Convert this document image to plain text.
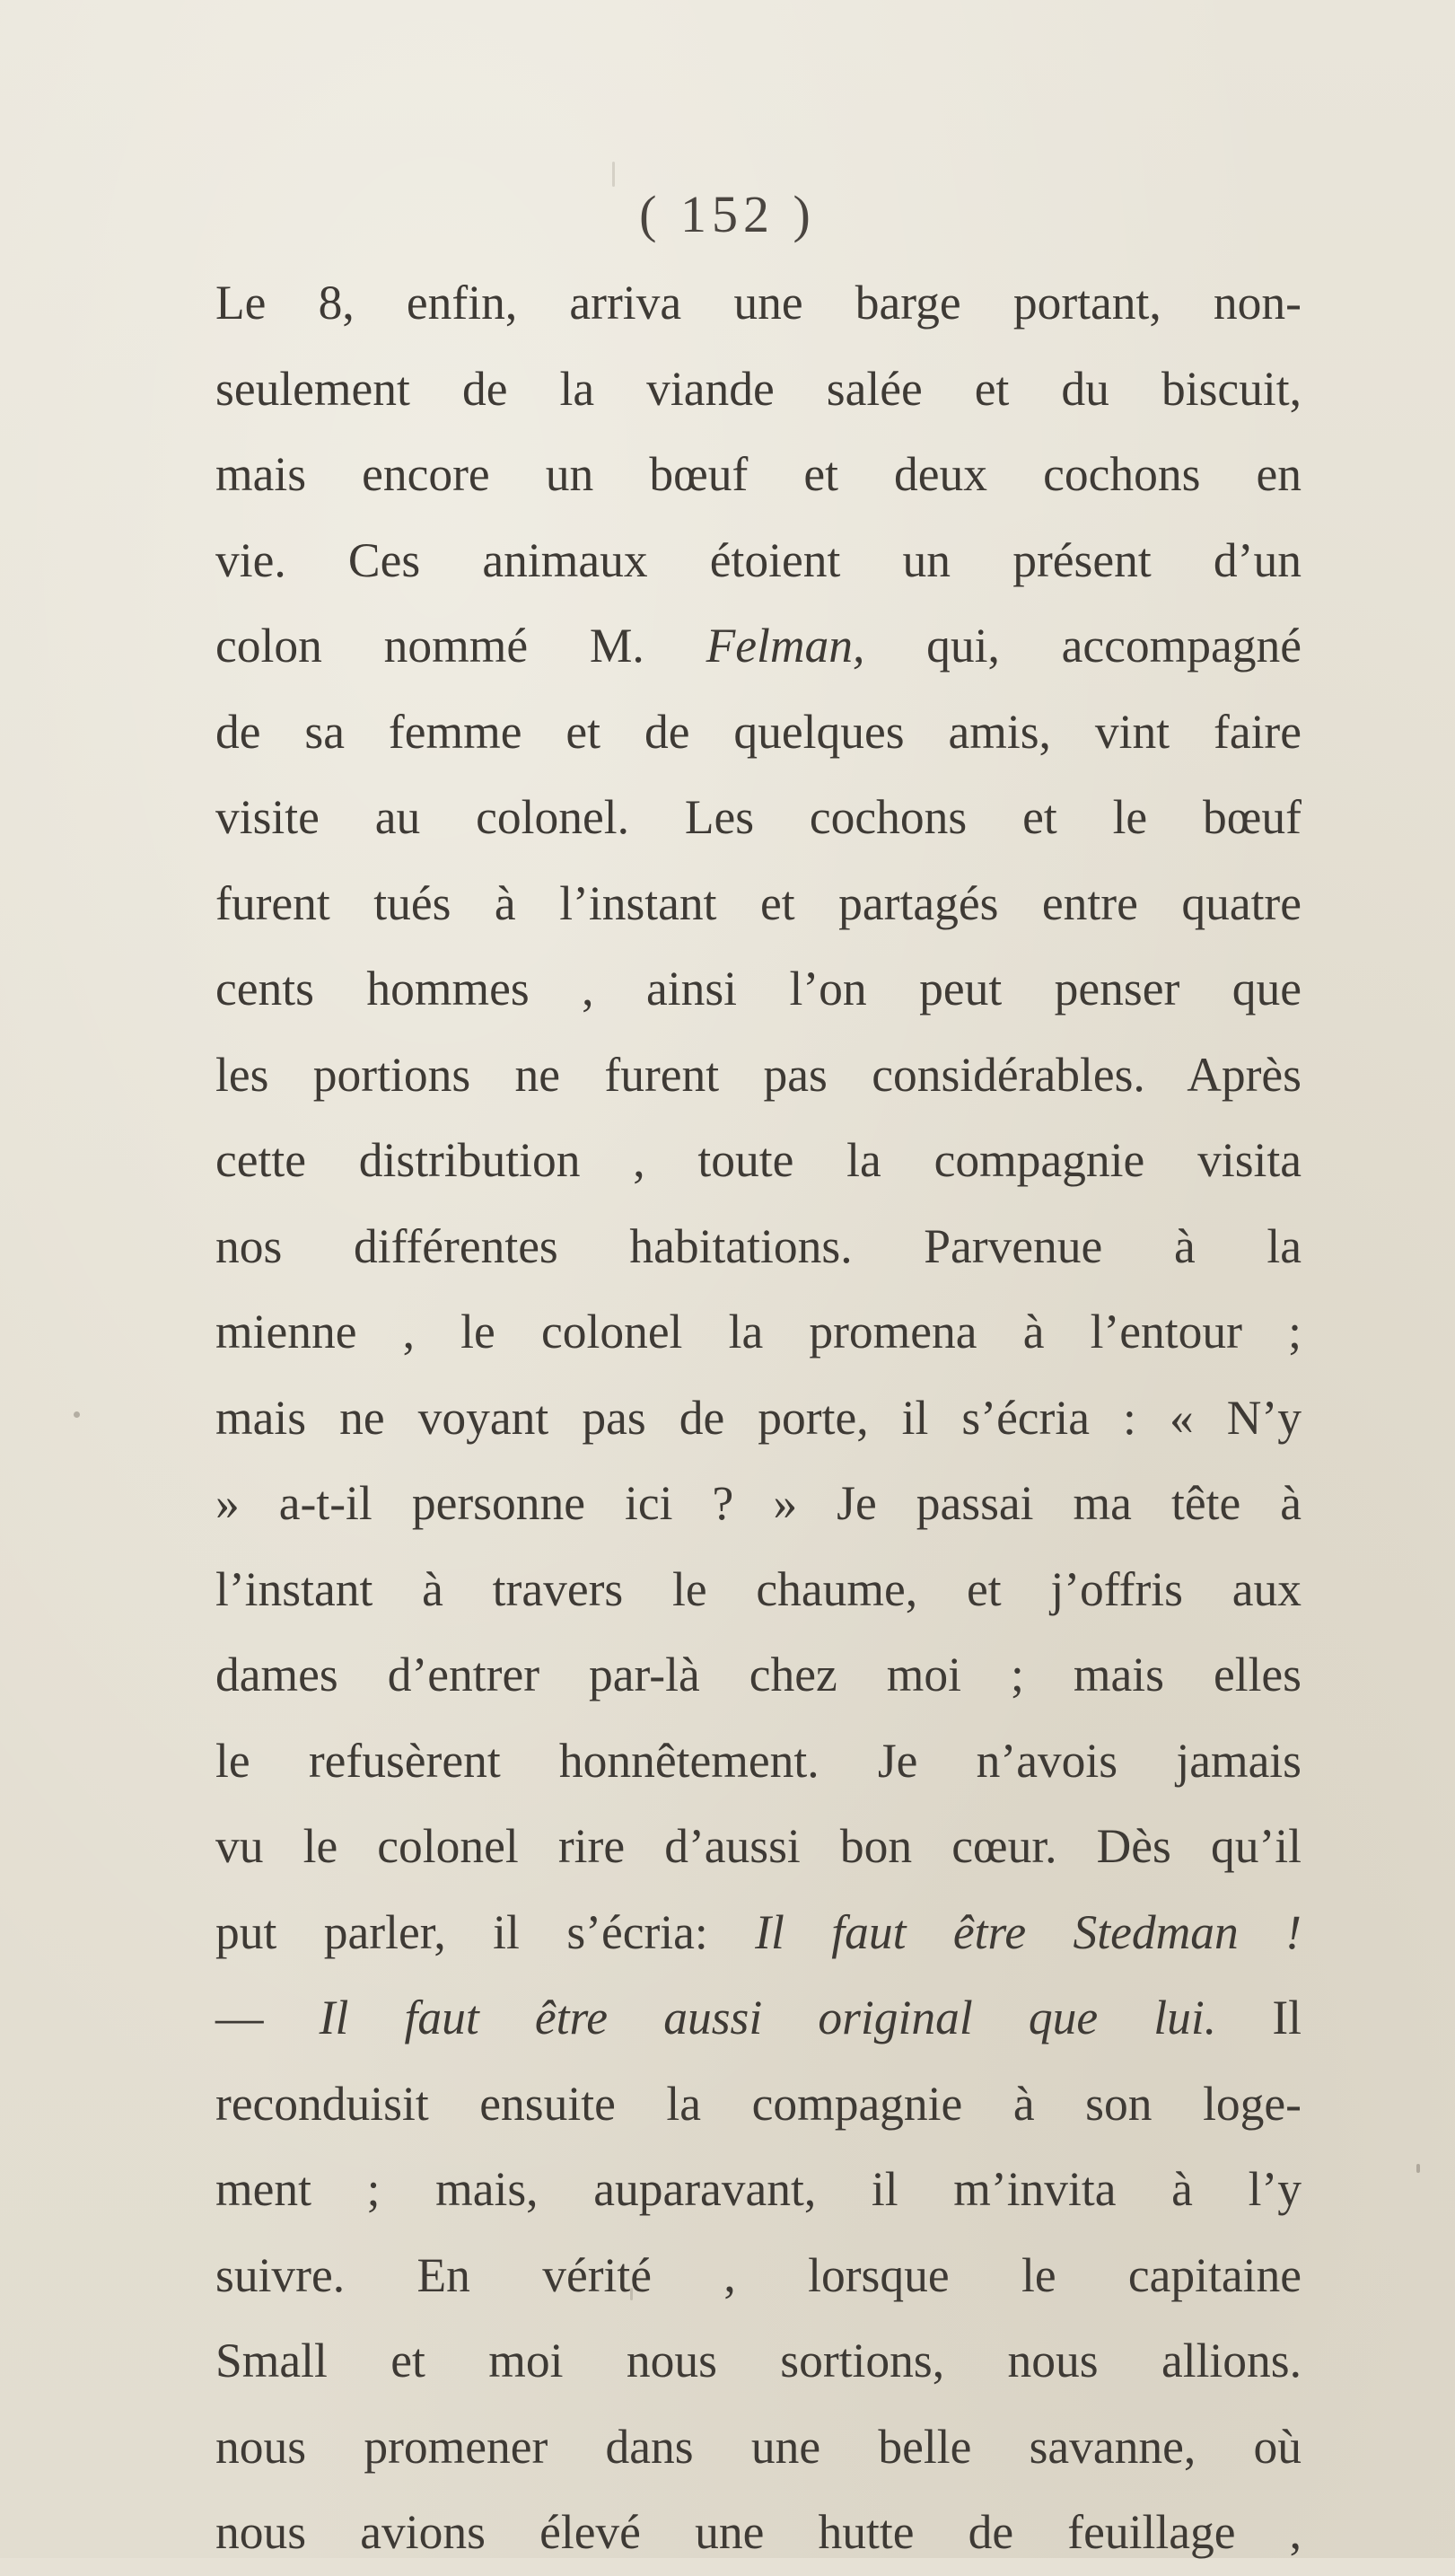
( 152 )
Le 8, enfin, arriva une barge portant, non-
seulement de la viande salée et du biscuit,
mais encore un bœuf et deux cochons en
vie. Ces animaux étoient un présent d’un
colon nommé M. Felman, qui, accompagné
de sa femme et de quelques amis, vint faire
visite au colonel. Les cochons et le bœuf
furent tués à l’instant et partagés entre quatre
cents hommes , ainsi l’on peut penser que
les portions ne furent pas considérables. Après
cette distribution , toute la compagnie visita
nos différentes habitations. Parvenue à la
mienne , le colonel la promena à l’entour ;
mais ne voyant pas de porte, il s’écria : « N’y
» a-t-il personne ici ? » Je passai ma tête à
l’instant à travers le chaume, et j’offris aux
dames d’entrer par-là chez moi ; mais elles
le refusèrent honnêtement. Je n’avois jamais
vu le colonel rire d’aussi bon cœur. Dès qu’il
put parler, il s’écria: Il faut être Stedman !
— Il faut être aussi original que lui. Il
reconduisit ensuite la compagnie à son loge-
ment ; mais, auparavant, il m’invita à l’y
suivre. En vérité , lorsque le capitaine
Small et moi nous sortions, nous allions.
nous promener dans une belle savanne, où
nous avions élevé une hutte de feuillage ,
